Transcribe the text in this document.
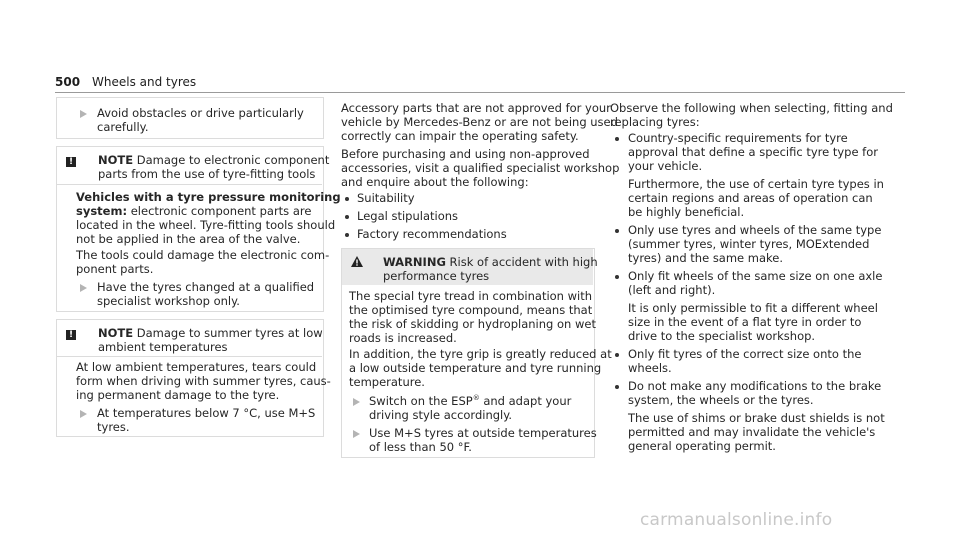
500 Wheels and tyres
Avoid obstacles or drive particularly
carefully.
! NOTE Damage to electronic component
parts from the use of tyre-fitting tools
Vehicles with a tyre pressure monitoring
system: electronic component parts are
located in the wheel. Tyre-fitting tools should
not be applied in the area of the valve.
The tools could damage the electronic com-
ponent parts.
Have the tyres changed at a qualified
specialist workshop only.
! NOTE Damage to summer tyres at low
ambient temperatures
At low ambient temperatures, tears could
form when driving with summer tyres, caus-
ing permanent damage to the tyre.
At temperatures below 7 °C, use M+S
tyres.
Accessory parts that are not approved for your
vehicle by Mercedes-Benz or are not being used
correctly can impair the operating safety.
Before purchasing and using non-approved
accessories, visit a qualified specialist workshop
and enquire about the following:
Suitability
Legal stipulations
Factory recommendations
WARNING Risk of accident with high
performance tyres
The special tyre tread in combination with
the optimised tyre compound, means that
the risk of skidding or hydroplaning on wet
roads is increased.
In addition, the tyre grip is greatly reduced at
a low outside temperature and tyre running
temperature.
Switch on the ESP® and adapt your
driving style accordingly.
Use M+S tyres at outside temperatures
of less than 50 °F.
Observe the following when selecting, fitting and
replacing tyres:
Country-specific requirements for tyre
approval that define a specific tyre type for
your vehicle.
Furthermore, the use of certain tyre types in
certain regions and areas of operation can
be highly beneficial.
Only use tyres and wheels of the same type
(summer tyres, winter tyres, MOExtended
tyres) and the same make.
Only fit wheels of the same size on one axle
(left and right).
It is only permissible to fit a different wheel
size in the event of a flat tyre in order to
drive to the specialist workshop.
Only fit tyres of the correct size onto the
wheels.
Do not make any modifications to the brake
system, the wheels or the tyres.
The use of shims or brake dust shields is not
permitted and may invalidate the vehicle's
general operating permit.
carmanualsonline.info
